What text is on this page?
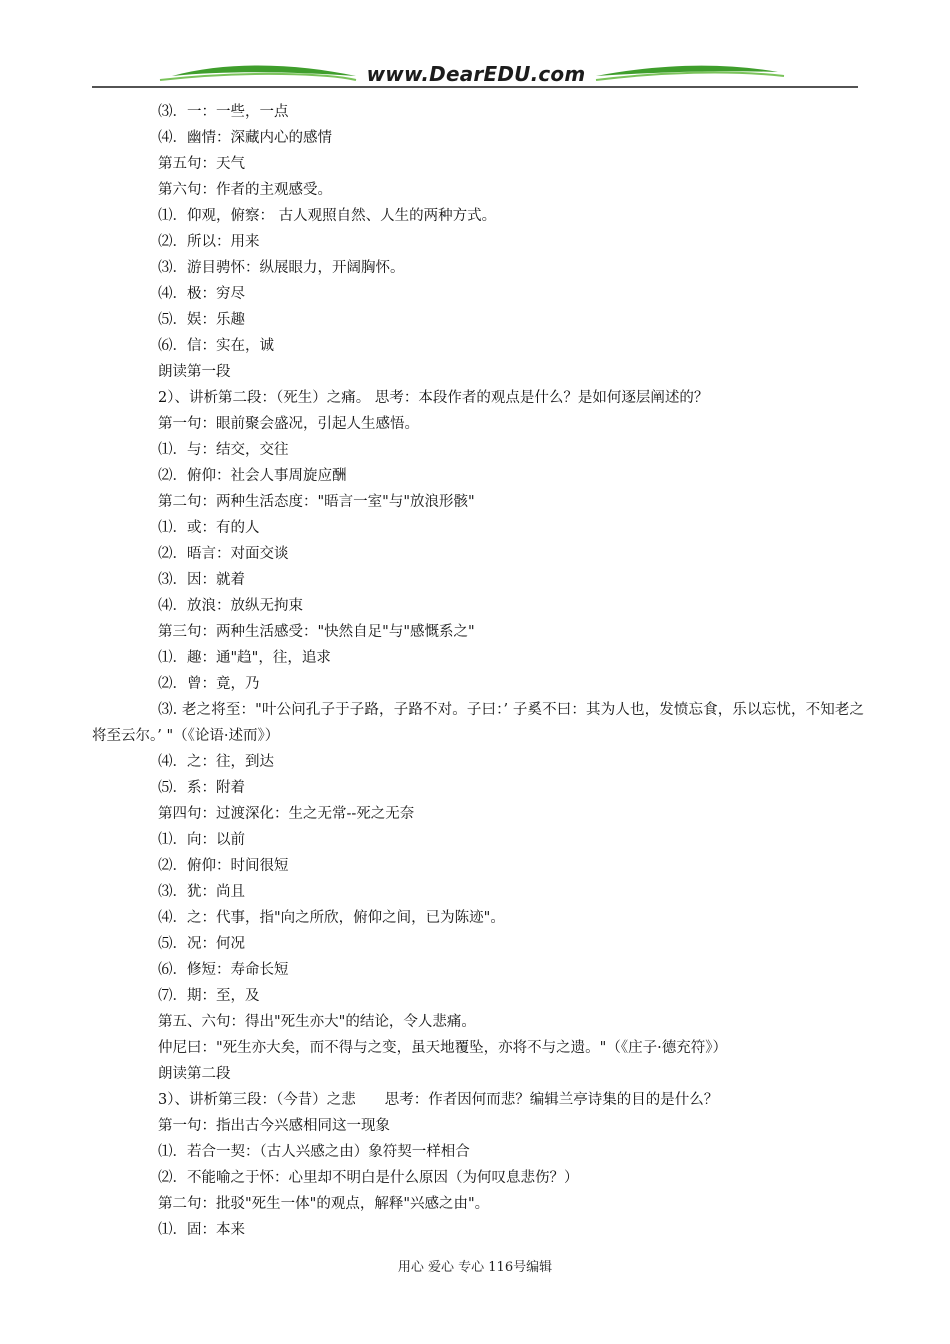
www.DearEDU.com
⑶．一：一些，一点
⑷．幽情：深藏内心的感情
第五句：天气
第六句：作者的主观感受。
⑴．仰观，俯察： 古人观照自然、人生的两种方式。
⑵．所以：用来
⑶．游目骋怀：纵展眼力，开阔胸怀。
⑷．极：穷尽
⑸．娱：乐趣
⑹．信：实在，诚
朗读第一段
2）、讲析第二段：（死生）之痛。 思考：本段作者的观点是什么？是如何逐层阐述的？
第一句：眼前聚会盛况，引起人生感悟。
⑴．与：结交，交往
⑵．俯仰：社会人事周旋应酬
第二句：两种生活态度："晤言一室"与"放浪形骸"
⑴．或：有的人
⑵．晤言：对面交谈
⑶．因：就着
⑷．放浪：放纵无拘束
第三句：两种生活感受："快然自足"与"感慨系之"
⑴．趣：通"趋"，往，追求
⑵．曾：竟，乃
⑶. 老之将至："叶公问孔子于子路，子路不对。子曰：’ 子奚不曰：其为人也，发愤忘食，乐以忘忧，不知老之将至云尔。’ "（《论语·述而》）
⑷．之：往，到达
⑸．系：附着
第四句：过渡深化：生之无常--死之无奈
⑴．向：以前
⑵．俯仰：时间很短
⑶．犹：尚且
⑷．之：代事，指"向之所欣，俯仰之间，已为陈迹"。
⑸．况：何况
⑹．修短：寿命长短
⑺．期：至，及
第五、六句：得出"死生亦大"的结论，令人悲痛。
仲尼曰："死生亦大矣，而不得与之变，虽天地覆坠，亦将不与之遗。"（《庄子·德充符》）
朗读第二段
3）、讲析第三段：（今昔）之悲　　思考：作者因何而悲？编辑兰亭诗集的目的是什么？
第一句：指出古今兴感相同这一现象
⑴．若合一契：（古人兴感之由）象符契一样相合
⑵．不能喻之于怀：心里却不明白是什么原因（为何叹息悲伤？）
第二句：批驳"死生一体"的观点，解释"兴感之由"。
⑴．固：本来
用心 爱心 专心 116号编辑
